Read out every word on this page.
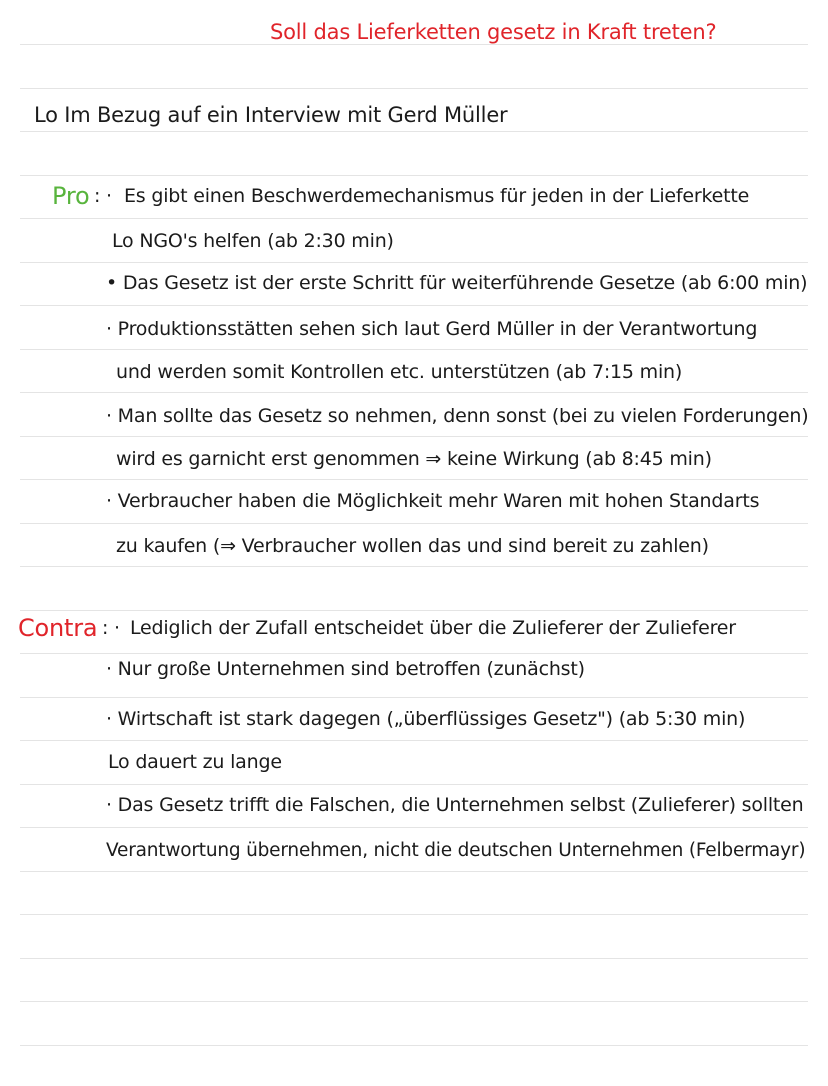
Soll das Lieferketten gesetz in Kraft treten?
Lo Im Bezug auf ein Interview mit Gerd Müller
Pro : · Es gibt einen Beschwerdemechanismus für jeden in der Lieferkette
Lo NGO's helfen (ab 2:30 min)
• Das Gesetz ist der erste Schritt für weiterführende Gesetze (ab 6:00 min)
· Produktionsstätten sehen sich laut Gerd Müller in der Verantwortung
und werden somit Kontrollen etc. unterstützen (ab 7:15 min)
· Man sollte das Gesetz so nehmen, denn sonst (bei zu vielen Forderungen)
wird es garnicht erst genommen ⇒ keine Wirkung (ab 8:45 min)
· Verbraucher haben die Möglichkeit mehr Waren mit hohen Standarts
zu kaufen (⇒ Verbraucher wollen das und sind bereit zu zahlen)
Contra : · Lediglich der Zufall entscheidet über die Zulieferer der Zulieferer
· Nur große Unternehmen sind betroffen (zunächst)
· Wirtschaft ist stark dagegen („überflüssiges Gesetz") (ab 5:30 min)
Lo dauert zu lange
· Das Gesetz trifft die Falschen, die Unternehmen selbst (Zulieferer) sollten
Verantwortung übernehmen, nicht die deutschen Unternehmen (Felbermayr)
